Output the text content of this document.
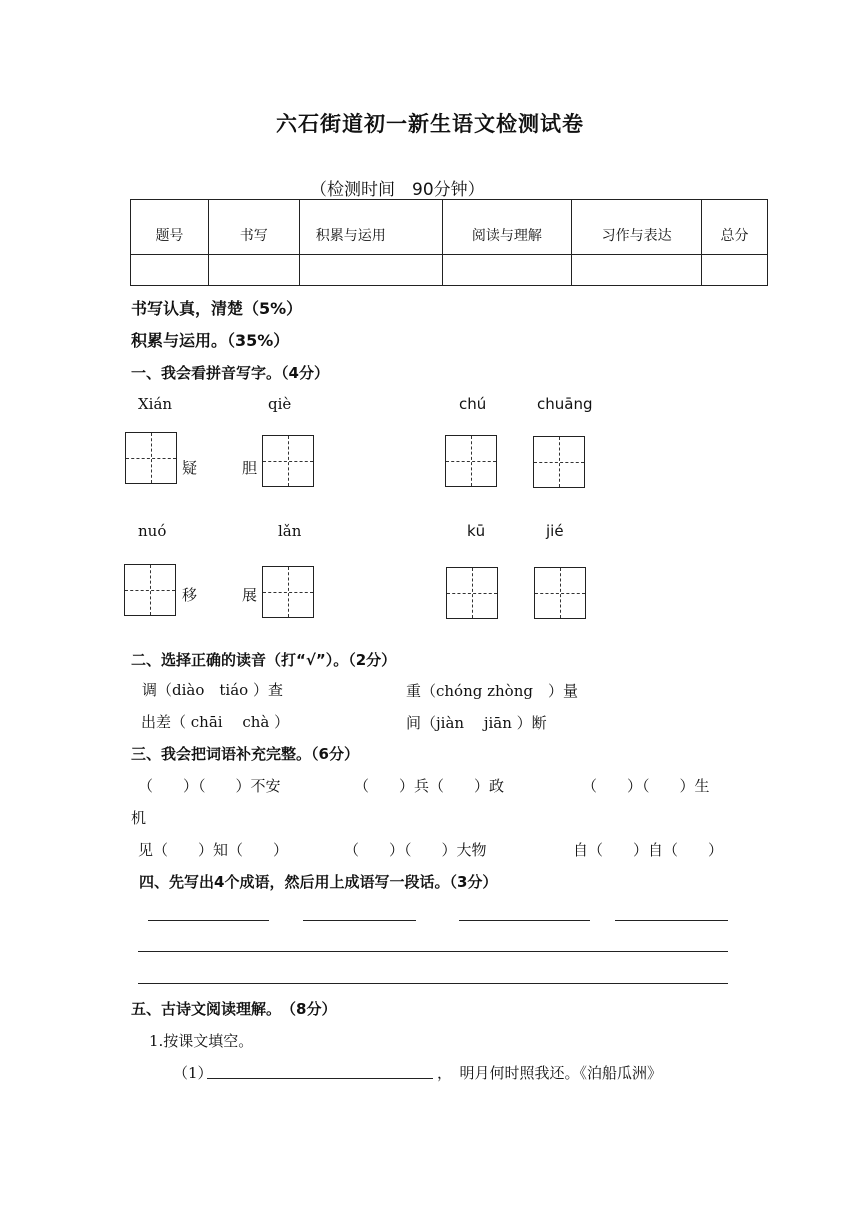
六石街道初一新生语文检测试卷
（检测时间　90分钟）
题号	书写	积累与运用	阅读与理解	习作与表达	总分

书写认真，清楚（5%）
积累与运用。（35%）
一、我会看拼音写字。（4分）
Xián	qiè	chú	chuāng
疑	胆
nuó	lǎn	kū	jié
移	展
二、选择正确的读音（打“√”）。（2分）
调（diào　tiáo ）查	重（chóng zhòng　）量
出差（ chāi　 chà ）	间（jiàn　 jiān ）断
三、我会把词语补充完整。（6分）
（　　）（　　）不安	（　　）兵（　　）政	（　　）（　　）生
机
见（　　）知（　　）	（　　）（　　）大物	自（　　）自（　　）
四、先写出4个成语，然后用上成语写一段话。（3分）
五、古诗文阅读理解。　（8分）
1.按课文填空。
（1）	，　明月何时照我还。《泊船瓜洲》
